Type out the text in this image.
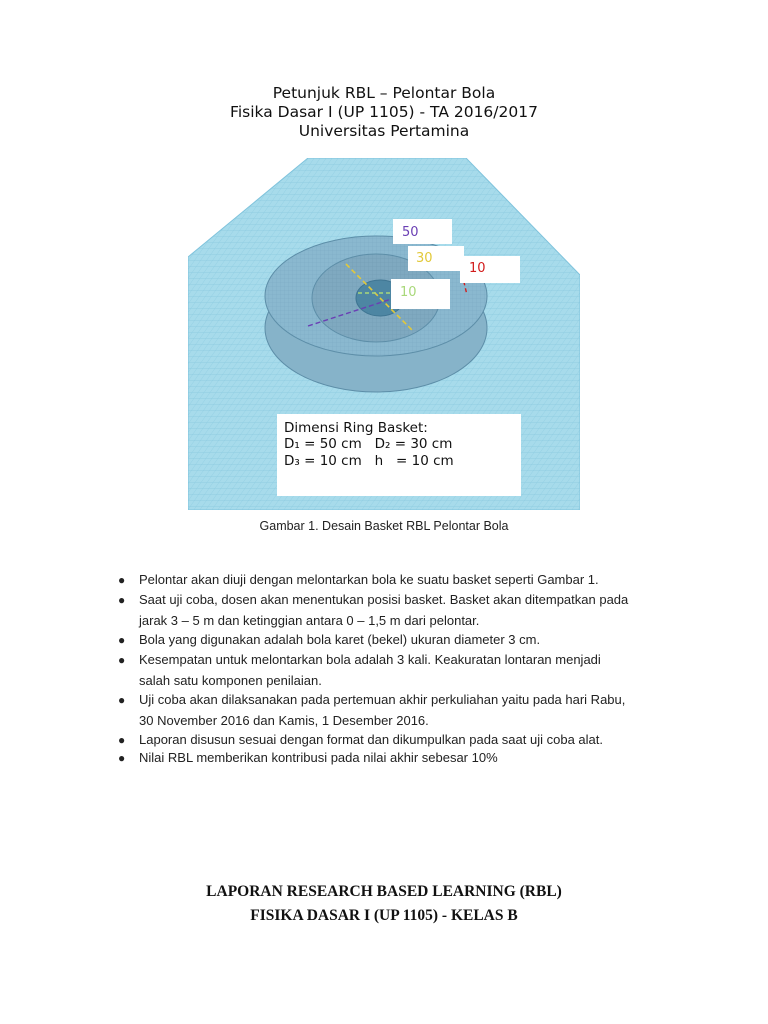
Petunjuk RBL – Pelontar Bola
Fisika Dasar I (UP 1105) - TA 2016/2017
Universitas Pertamina
50
30
10
10
Dimensi Ring Basket:
D₁ = 50 cm   D₂ = 30 cm
D₃ = 10 cm   h   = 10 cm
Gambar 1. Desain Basket RBL Pelontar Bola
● Pelontar akan diuji dengan melontarkan bola ke suatu basket seperti Gambar 1.
● Saat uji coba, dosen akan menentukan posisi basket. Basket akan ditempatkan pada
jarak 3 – 5 m dan ketinggian antara 0 – 1,5 m dari pelontar.
● Bola yang digunakan adalah bola karet (bekel) ukuran diameter 3 cm.
● Kesempatan untuk melontarkan bola adalah 3 kali. Keakuratan lontaran menjadi
salah satu komponen penilaian.
● Uji coba akan dilaksanakan pada pertemuan akhir perkuliahan yaitu pada hari Rabu,
30 November 2016 dan Kamis, 1 Desember 2016.
● Laporan disusun sesuai dengan format dan dikumpulkan pada saat uji coba alat.
● Nilai RBL memberikan kontribusi pada nilai akhir sebesar 10%
LAPORAN RESEARCH BASED LEARNING (RBL)
FISIKA DASAR I (UP 1105) - KELAS B
